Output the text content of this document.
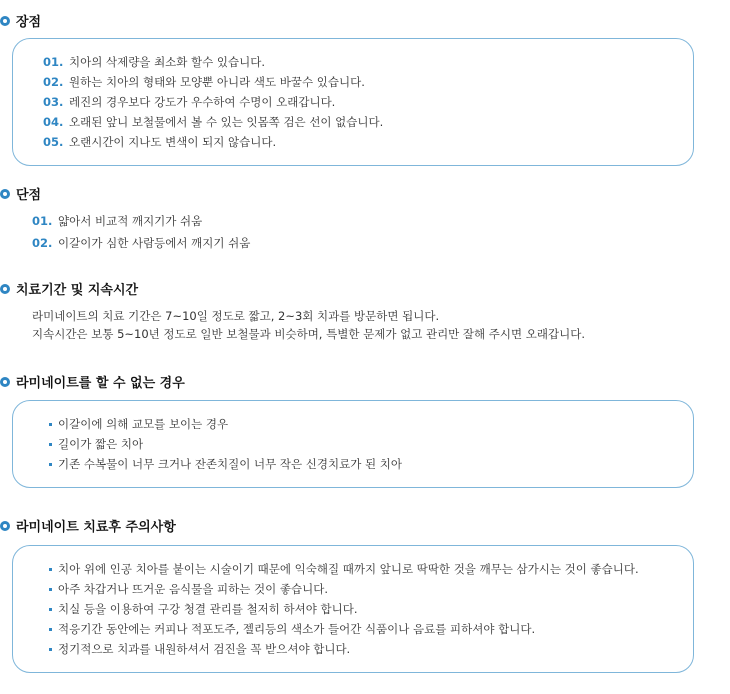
장점
01. 치아의 삭제량을 최소화 할수 있습니다.
02. 원하는 치아의 형태와 모양뿐 아니라 색도 바꿀수 있습니다.
03. 레진의 경우보다 강도가 우수하여 수명이 오래갑니다.
04. 오래된 앞니 보철물에서 볼 수 있는 잇몸쪽 검은 선이 없습니다.
05. 오랜시간이 지나도 변색이 되지 않습니다.
단점
01. 얇아서 비교적 깨지기가 쉬움
02. 이갈이가 심한 사람등에서 깨지기 쉬움
치료기간 및 지속시간
라미네이트의 치료 기간은 7~10일 정도로 짧고, 2~3회 치과를 방문하면 됩니다.
지속시간은 보통 5~10년 정도로 일반 보철물과 비슷하며, 특별한 문제가 없고 관리만 잘해 주시면 오래갑니다.
라미네이트를 할 수 없는 경우
이갈이에 의해 교모를 보이는 경우
길이가 짧은 치아
기존 수복물이 너무 크거나 잔존치질이 너무 작은 신경치료가 된 치아
라미네이트 치료후 주의사항
치아 위에 인공 치아를 붙이는 시술이기 때문에 익숙해질 때까지 앞니로 딱딱한 것을 깨무는 삼가시는 것이 좋습니다.
아주 차갑거나 뜨거운 음식물을 피하는 것이 좋습니다.
치실 등을 이용하여 구강 청결 관리를 철저히 하셔야 합니다.
적응기간 동안에는 커피나 적포도주, 젤리등의 색소가 들어간 식품이나 음료를 피하셔야 합니다.
정기적으로 치과를 내원하셔서 검진을 꼭 받으셔야 합니다.
